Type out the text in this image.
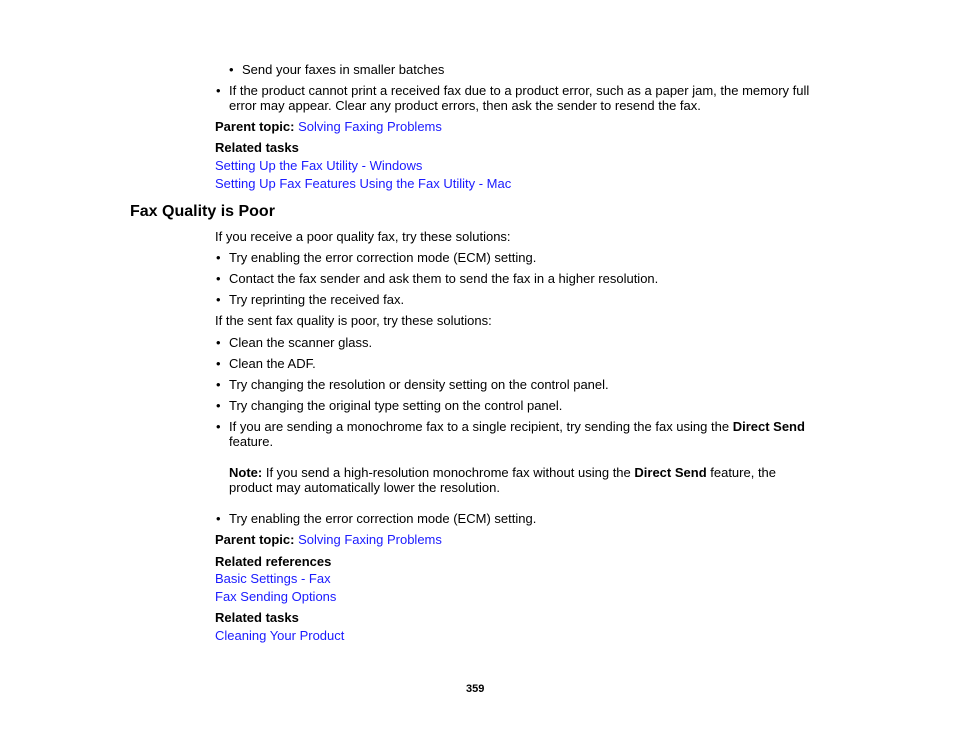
• Send your faxes in smaller batches
• If the product cannot print a received fax due to a product error, such as a paper jam, the memory full
error may appear. Clear any product errors, then ask the sender to resend the fax.
Parent topic: Solving Faxing Problems
Related tasks
Setting Up the Fax Utility - Windows
Setting Up Fax Features Using the Fax Utility - Mac
Fax Quality is Poor
If you receive a poor quality fax, try these solutions:
• Try enabling the error correction mode (ECM) setting.
• Contact the fax sender and ask them to send the fax in a higher resolution.
• Try reprinting the received fax.
If the sent fax quality is poor, try these solutions:
• Clean the scanner glass.
• Clean the ADF.
• Try changing the resolution or density setting on the control panel.
• Try changing the original type setting on the control panel.
• If you are sending a monochrome fax to a single recipient, try sending the fax using the Direct Send
feature.
Note: If you send a high-resolution monochrome fax without using the Direct Send feature, the
product may automatically lower the resolution.
• Try enabling the error correction mode (ECM) setting.
Parent topic: Solving Faxing Problems
Related references
Basic Settings - Fax
Fax Sending Options
Related tasks
Cleaning Your Product
359
